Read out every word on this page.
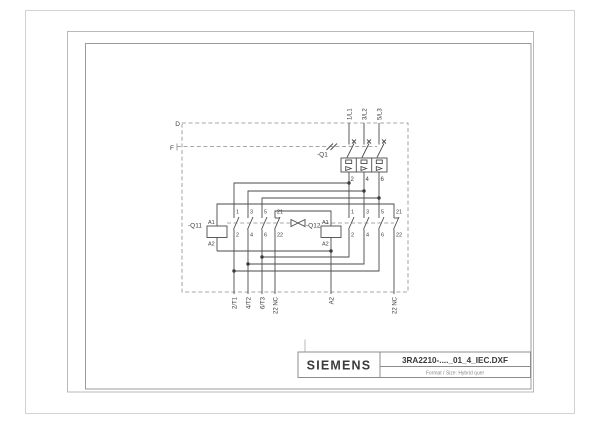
D
F
1/L1 3/L2 5/L3
-Q1
2 4 6
-Q11 A1
A2
1
2
3
4
5
6
21
22
-Q12 A1
A2
1
2
3
4
5
6
21
22
2/T1 4/T2 6/T3 22 NC	A2	22 NC
SIEMENS	3RA2210-...._01_4_IEC.DXF
Format / Size: Hybrid quer
